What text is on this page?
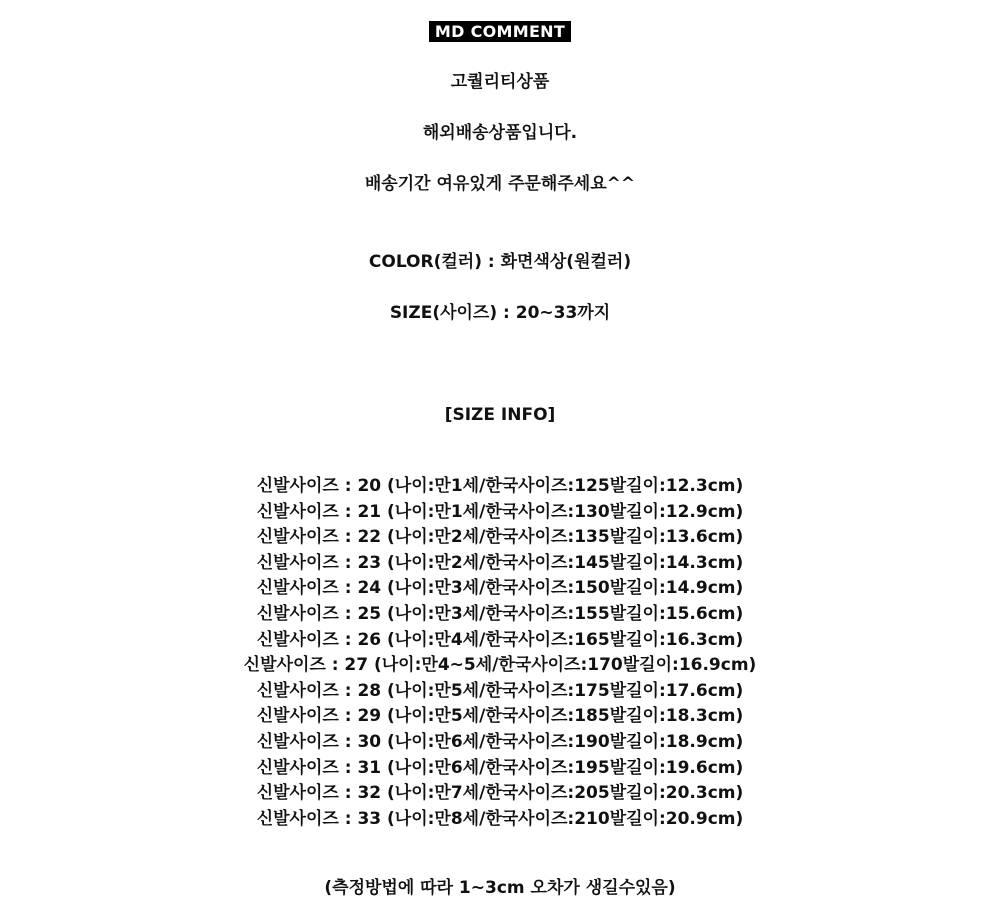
MD COMMENT
고퀄리티상품
해외배송상품입니다.
배송기간 여유있게 주문해주세요^^
COLOR(컬러) : 화면색상(원컬러)
SIZE(사이즈) : 20~33까지
[SIZE INFO]
신발사이즈 : 20 (나이:만1세/한국사이즈:125발길이:12.3cm)
신발사이즈 : 21 (나이:만1세/한국사이즈:130발길이:12.9cm)
신발사이즈 : 22 (나이:만2세/한국사이즈:135발길이:13.6cm)
신발사이즈 : 23 (나이:만2세/한국사이즈:145발길이:14.3cm)
신발사이즈 : 24 (나이:만3세/한국사이즈:150발길이:14.9cm)
신발사이즈 : 25 (나이:만3세/한국사이즈:155발길이:15.6cm)
신발사이즈 : 26 (나이:만4세/한국사이즈:165발길이:16.3cm)
신발사이즈 : 27 (나이:만4~5세/한국사이즈:170발길이:16.9cm)
신발사이즈 : 28 (나이:만5세/한국사이즈:175발길이:17.6cm)
신발사이즈 : 29 (나이:만5세/한국사이즈:185발길이:18.3cm)
신발사이즈 : 30 (나이:만6세/한국사이즈:190발길이:18.9cm)
신발사이즈 : 31 (나이:만6세/한국사이즈:195발길이:19.6cm)
신발사이즈 : 32 (나이:만7세/한국사이즈:205발길이:20.3cm)
신발사이즈 : 33 (나이:만8세/한국사이즈:210발길이:20.9cm)
(측정방법에 따라 1~3cm 오차가 생길수있음)
